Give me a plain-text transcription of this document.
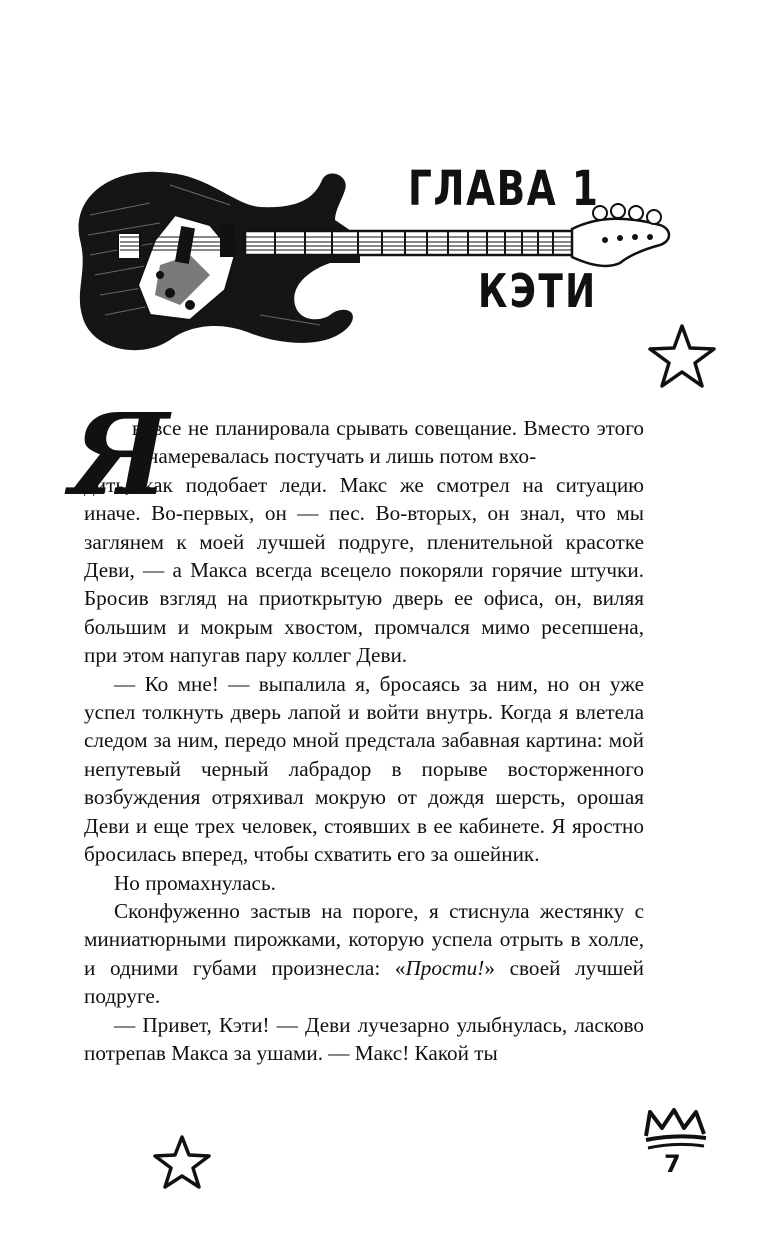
ГЛАВА 1
КЭТИ
Я

вовсе не планировала срывать совещание. Вместо этого я намеревалась постучать и лишь потом вхо-
дить, как подобает леди. Макс же смотрел на ситуацию иначе. Во-первых, он — пес. Во-вторых, он знал, что мы заглянем к моей лучшей подруге, пленительной красотке Деви, — а Макса всегда всецело покоряли горячие штучки. Бросив взгляд на приоткрытую дверь ее офиса, он, виляя большим и мокрым хвостом, промчался мимо ресепшена, при этом напугав пару коллег Деви.

— Ко мне! — выпалила я, бросаясь за ним, но он уже успел толкнуть дверь лапой и войти внутрь. Когда я влетела следом за ним, передо мной предстала забавная картина: мой непутевый черный лабрадор в порыве восторженного возбуждения отряхивал мокрую от дождя шерсть, орошая Деви и еще трех человек, стоявших в ее кабинете. Я яростно бросилась вперед, чтобы схватить его за ошейник.

Но промахнулась.

Сконфуженно застыв на пороге, я стиснула жестянку с миниатюрными пирожками, которую успела отрыть в холле, и одними губами произнесла: «Прости!» своей лучшей подруге.

— Привет, Кэти! — Деви лучезарно улыбнулась, ласково потрепав Макса за ушами. — Макс! Какой ты

7
